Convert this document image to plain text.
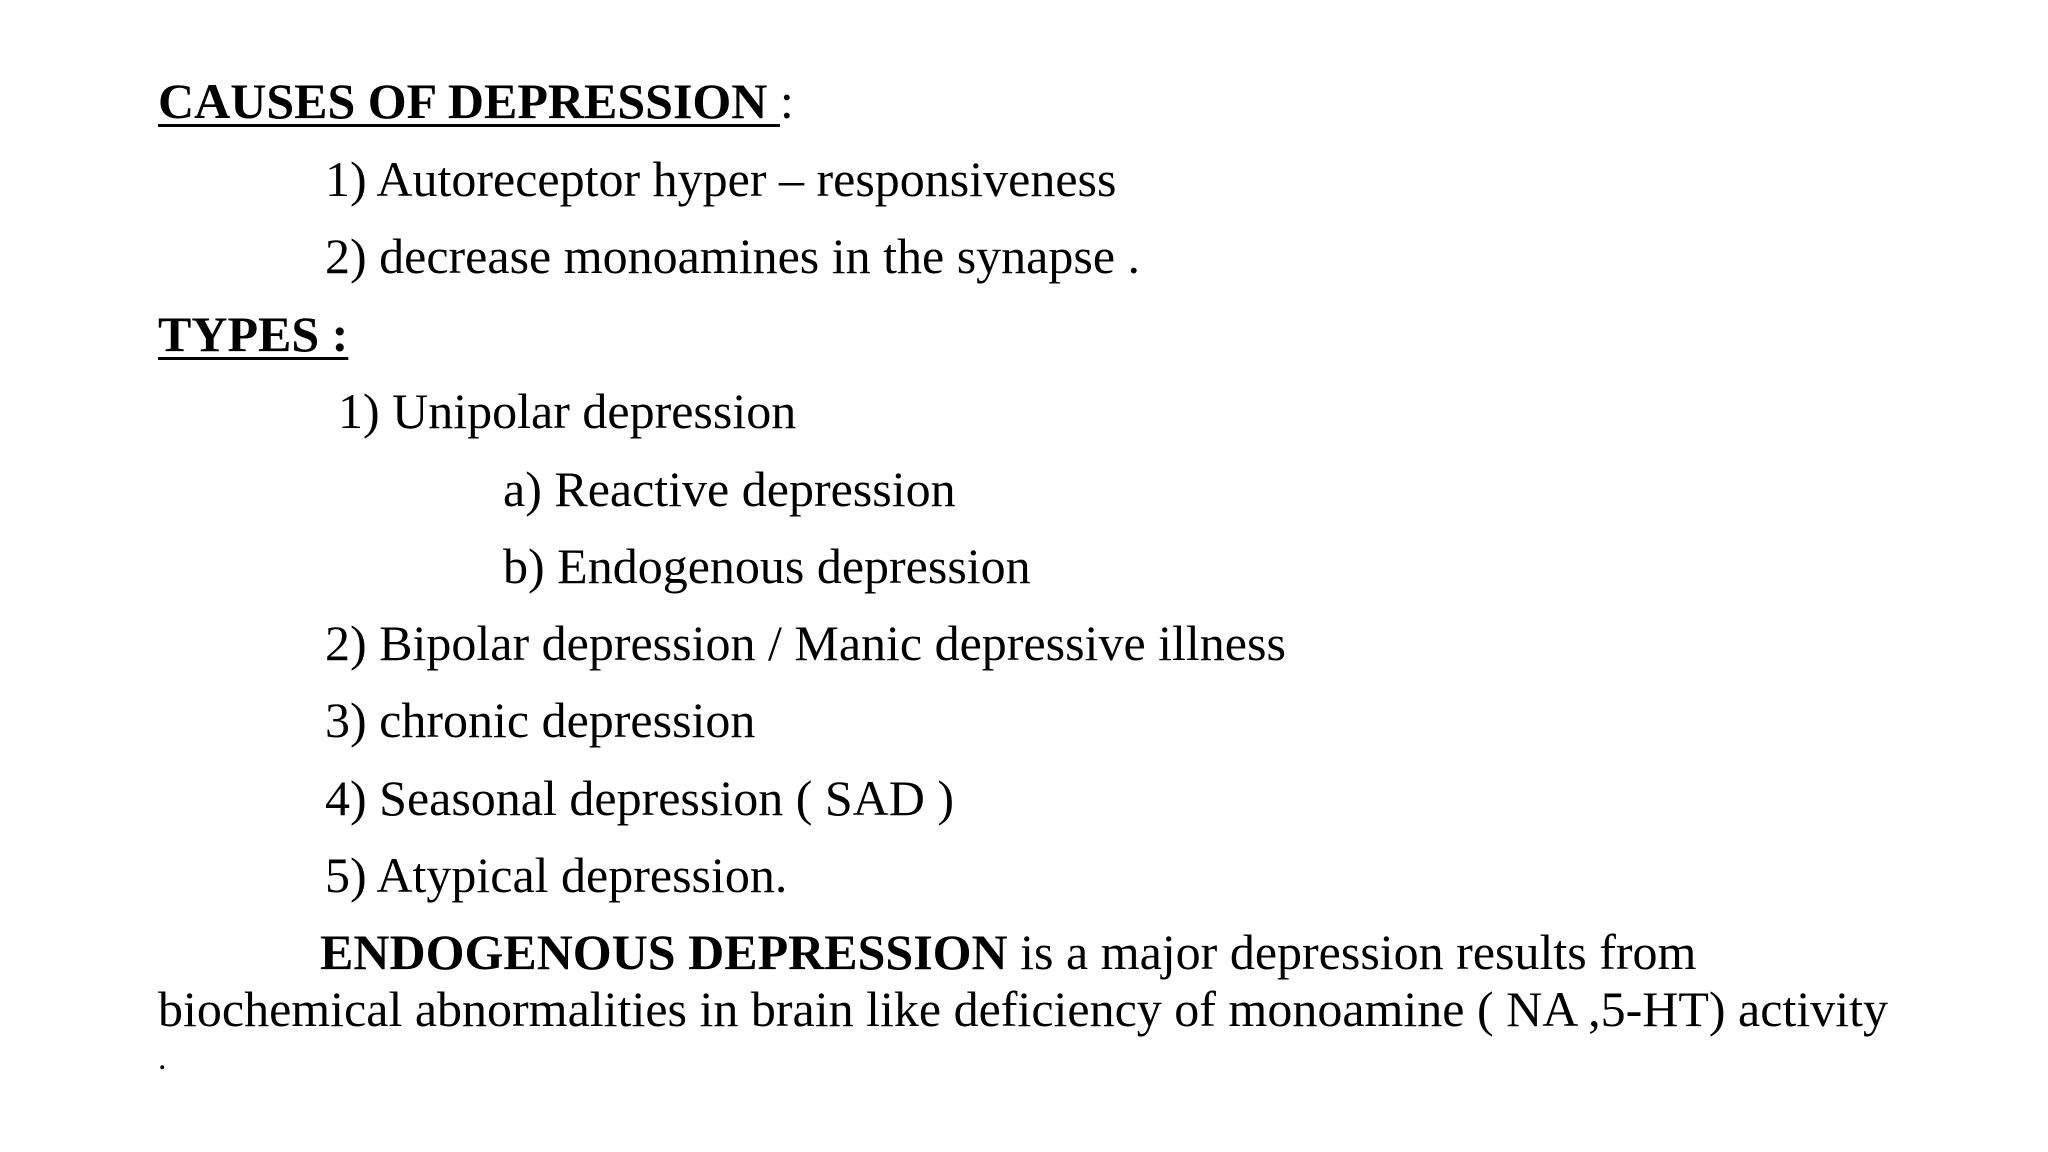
CAUSES OF DEPRESSION :
1) Autoreceptor hyper – responsiveness
2) decrease monoamines in the synapse .
TYPES :
1) Unipolar depression
a) Reactive depression
b) Endogenous depression
2) Bipolar depression / Manic depressive illness
3) chronic depression
4) Seasonal depression ( SAD )
5) Atypical depression.
ENDOGENOUS DEPRESSION is a major depression results from
biochemical abnormalities in brain like deficiency of monoamine ( NA ,5-HT) activity
.
